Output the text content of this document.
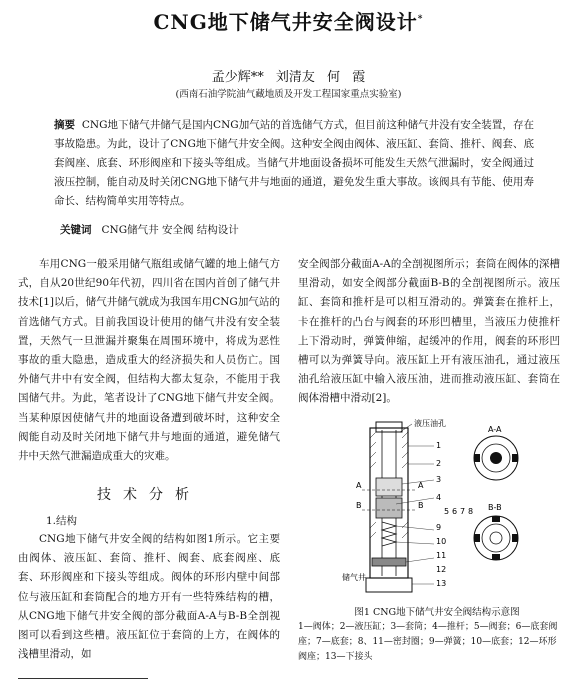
CNG地下储气井安全阀设计*
孟少辉** 刘清友 何 霞
(西南石油学院油气藏地质及开发工程国家重点实验室)
摘要 CNG地下储气井储气是国内CNG加气站的首选储气方式，但目前这种储气井没有安全装置，存在事故隐患。为此，设计了CNG地下储气井安全阀。这种安全阀由阀体、液压缸、套筒、推杆、阀套、底套阀座、底套、环形阀座和下接头等组成。当储气井地面设备损坏可能发生天然气泄漏时，安全阀通过液压控制，能自动及时关闭CNG地下储气井与地面的通道，避免发生重大事故。该阀具有节能、使用寿命长、结构简单实用等特点。
关键词 CNG储气井 安全阀 结构设计

车用CNG一般采用储气瓶组或储气罐的地上储气方式，自从20世纪90年代初，四川省在国内首创了储气井技术[1]以后，储气井储气就成为我国车用CNG加气站的首选储气方式。目前我国设计使用的储气井没有安全装置，天然气一旦泄漏并聚集在周围环境中，将成为恶性事故的重大隐患，造成重大的经济损失和人员伤亡。国外储气井中有安全阀，但结构大都太复杂，不能用于我国储气井。为此，笔者设计了CNG地下储气井安全阀。当某种原因使储气井的地面设备遭到破坏时，这种安全阀能自动及时关闭地下储气井与地面的通道，避免储气井中天然气泄漏造成重大的灾难。

技术分析
1.结构

CNG地下储气井安全阀的结构如图1所示。它主要由阀体、液压缸、套筒、推杆、阀套、底套阀座、底套、环形阀座和下接头等组成。阀体的环形内壁中间部位与液压缸和套筒配合的地方开有一些特殊结构的槽，从CNG地下储气井安全阀的部分截面A-A与B-B全剖视图可以看到这些槽。液压缸位于套筒的上方，在阀体的浅槽里滑动，如

安全阀部分截面A-A的全剖视图所示；套筒在阀体的深槽里滑动，如安全阀部分截面B-B的全剖视图所示。液压缸、套筒和推杆是可以相互滑动的。弹簧套在推杆上，卡在推杆的凸台与阀套的环形凹槽里，当液压力使推杆上下滑动时，弹簧伸缩，起缓冲的作用，阀套的环形凹槽可以为弹簧导向。液压缸上开有液压油孔，通过液压油孔给液压缸中输入液压油，进而推动液压缸、套筒在阀体滑槽中滑动[2]。

A
B
A
B
液压油孔
储气井
9
10
11
12
13
1
2
3
4
5 6 7 8
A-A
B-B
图1 CNG地下储气井安全阀结构示意图
1—阀体；2—液压缸；3—套筒；4—推杆；5—阀套；6—底套阀座；7—底套；8、11—密封圈；9—弹簧；10—底套；12—环形阀座；13—下接头
